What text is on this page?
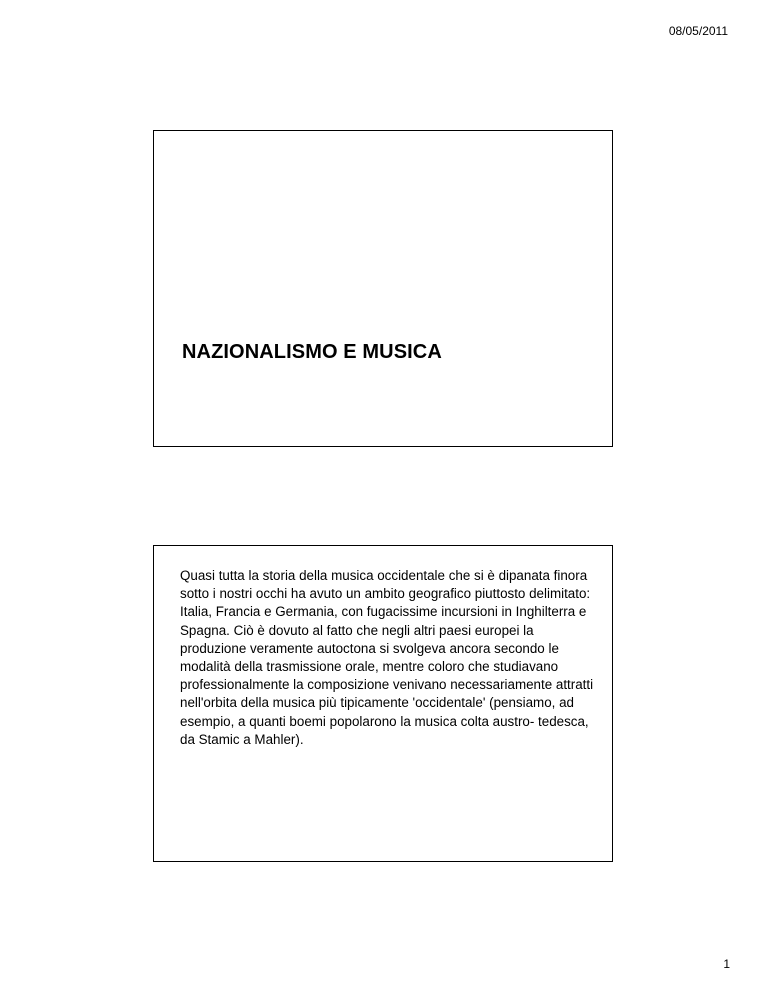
08/05/2011
NAZIONALISMO E MUSICA

Quasi tutta la storia della musica occidentale che si è dipanata finora sotto i nostri occhi ha avuto un ambito geografico piuttosto delimitato: Italia, Francia e Germania, con fugacissime incursioni in Inghilterra e Spagna. Ciò è dovuto al fatto che negli altri paesi europei la produzione veramente autoctona si svolgeva ancora secondo le modalità della trasmissione orale, mentre coloro che studiavano professionalmente la composizione venivano necessariamente attratti nell'orbita della musica più tipicamente 'occidentale' (pensiamo, ad esempio, a quanti boemi popolarono la musica colta austro- tedesca, da Stamic a Mahler).

1
